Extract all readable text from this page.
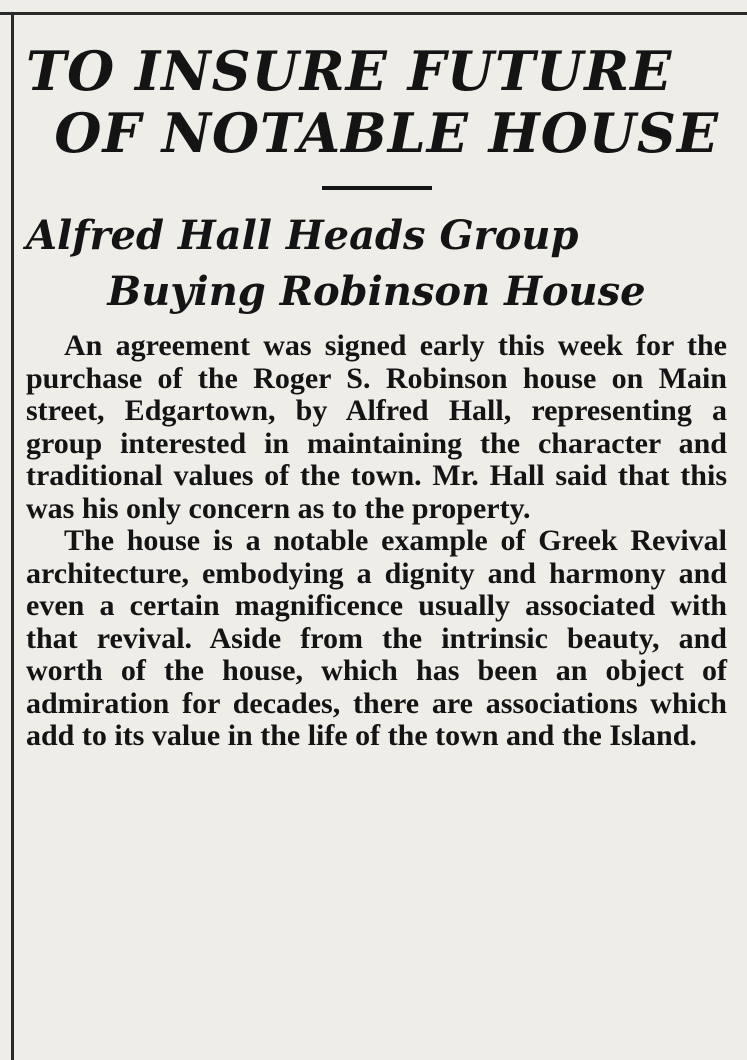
TO INSURE FUTURE
OF NOTABLE HOUSE
Alfred Hall Heads Group
Buying Robinson House

An agreement was signed early this week for the purchase of the Roger S. Robinson house on Main street, Edgartown, by Alfred Hall, representing a group interested in maintaining the character and traditional values of the town. Mr. Hall said that this was his only concern as to the property.

The house is a notable example of Greek Revival architecture, embodying a dignity and harmony and even a certain magnificence usually associated with that revival. Aside from the intrinsic beauty, and worth of the house, which has been an object of admiration for decades, there are associations which add to its value in the life of the town and the Island.
